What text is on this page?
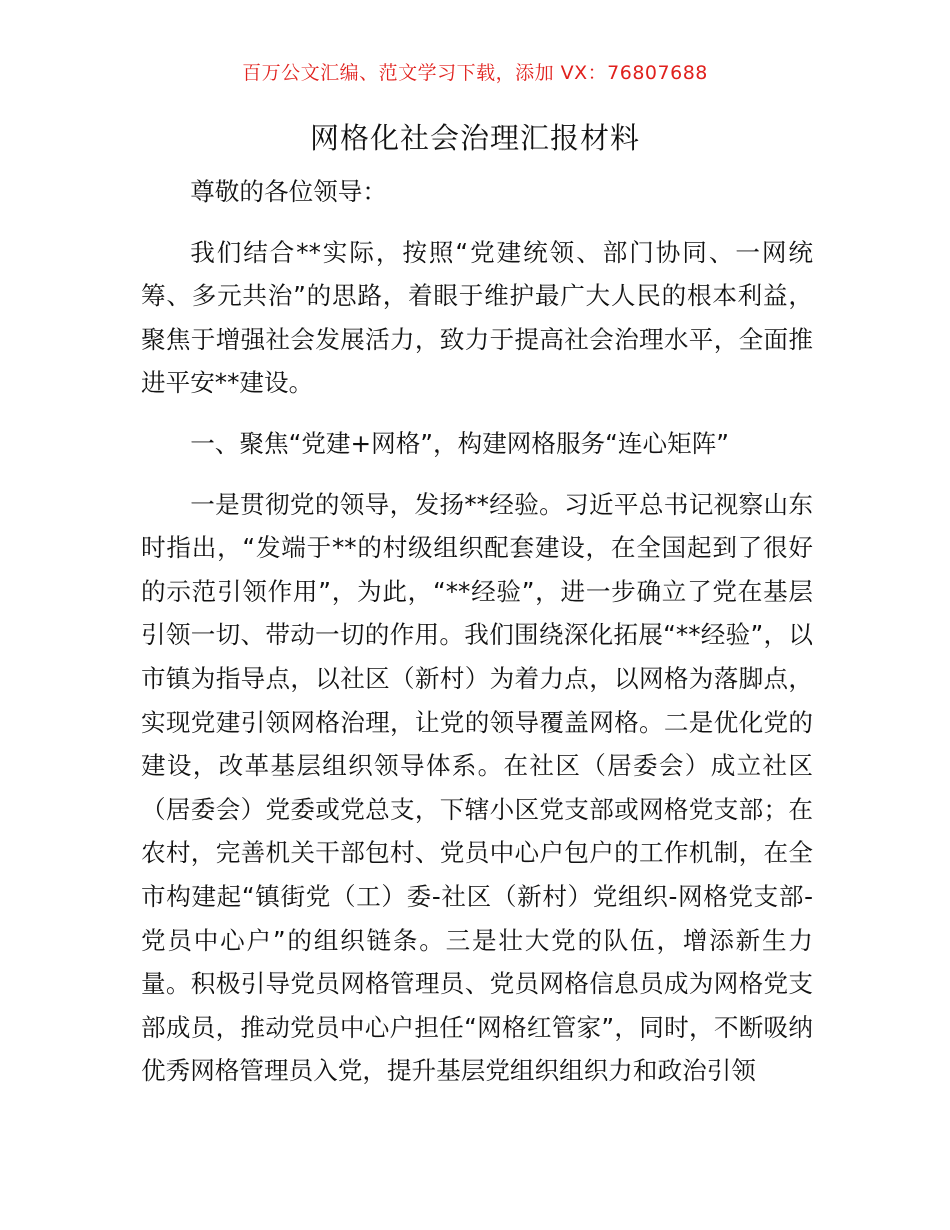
百万公文汇编、范文学习下载，添加 VX：76807688
网格化社会治理汇报材料

尊敬的各位领导：

我们结合**实际，按照“党建统领、部门协同、一网统筹、多元共治”的思路，着眼于维护最广大人民的根本利益，聚焦于增强社会发展活力，致力于提高社会治理水平，全面推进平安**建设。

一、聚焦“党建+网格”，构建网格服务“连心矩阵”

一是贯彻党的领导，发扬**经验。习近平总书记视察山东时指出，“发端于**的村级组织配套建设，在全国起到了很好的示范引领作用”，为此，“**经验”，进一步确立了党在基层引领一切、带动一切的作用。我们围绕深化拓展“**经验”，以市镇为指导点，以社区（新村）为着力点，以网格为落脚点，实现党建引领网格治理，让党的领导覆盖网格。二是优化党的建设，改革基层组织领导体系。在社区（居委会）成立社区（居委会）党委或党总支，下辖小区党支部或网格党支部；在农村，完善机关干部包村、党员中心户包户的工作机制，在全市构建起“镇街党（工）委-社区（新村）党组织-网格党支部-党员中心户”的组织链条。三是壮大党的队伍，增添新生力量。积极引导党员网格管理员、党员网格信息员成为网格党支部成员，推动党员中心户担任“网格红管家”，同时，不断吸纳优秀网格管理员入党，提升基层党组织组织力和政治引领
